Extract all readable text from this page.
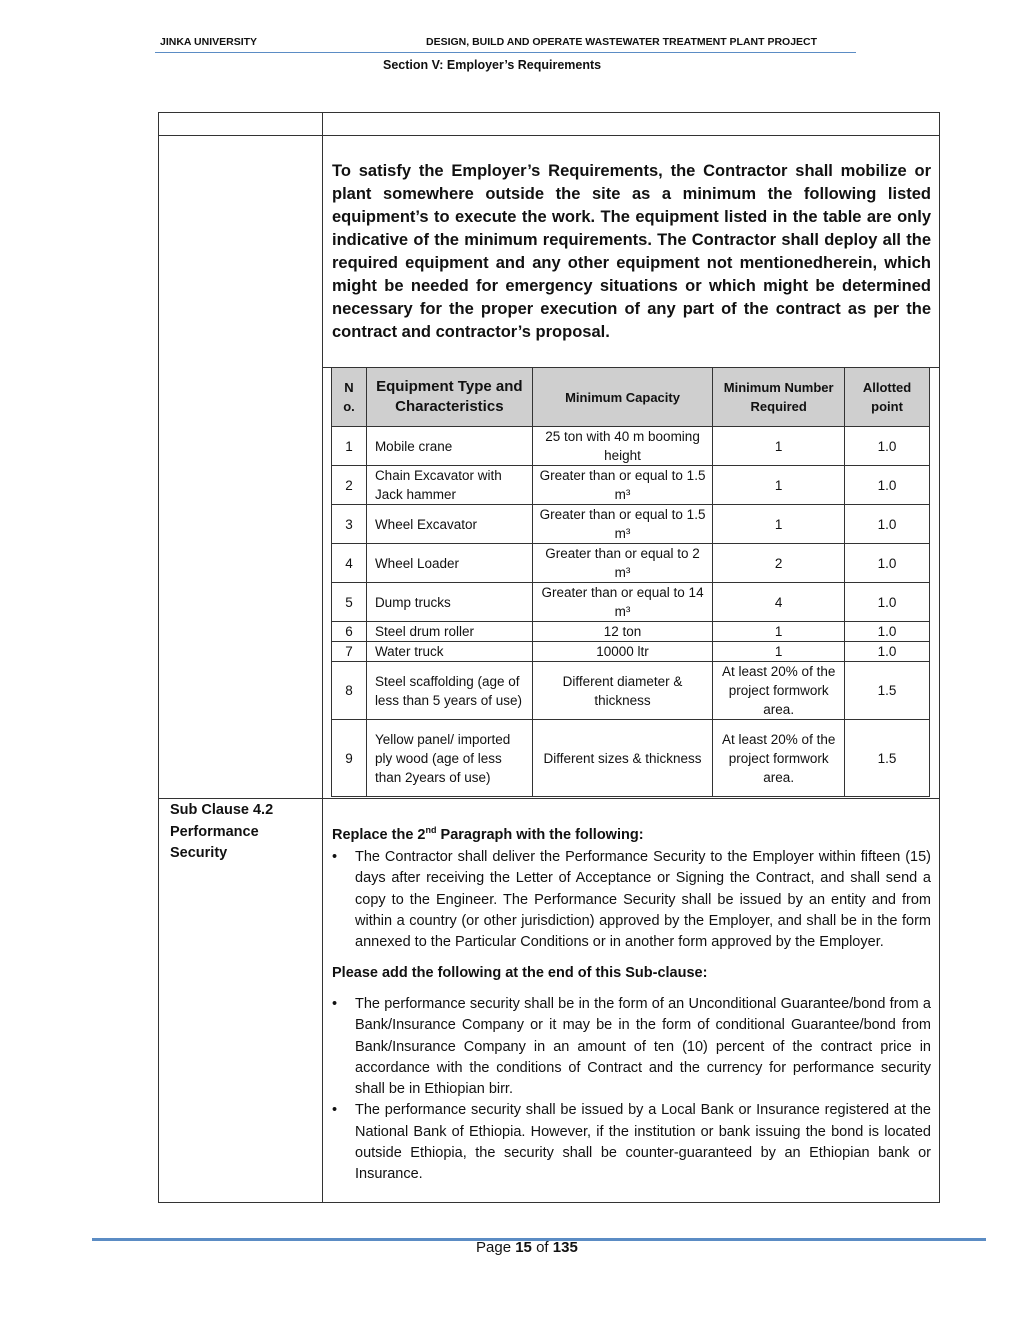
JINKA UNIVERSITY	DESIGN, BUILD AND OPERATE WASTEWATER TREATMENT PLANT PROJECT
Section V: Employer’s Requirements
To satisfy the Employer’s Requirements, the Contractor shall mobilize or plant somewhere outside the site as a minimum the following listed equipment’s to execute the work. The equipment listed in the table are only indicative of the minimum requirements. The Contractor shall deploy all the required equipment and any other equipment not mentionedherein, which might be needed for emergency situations or which might be determined necessary for the proper execution of any part of the contract as per the contract and contractor’s proposal.
N
o.	Equipment Type and Characteristics	Minimum Capacity	Minimum Number Required	Allotted point
1	Mobile crane	25 ton with 40 m booming height	1	1.0
2	Chain Excavator with Jack hammer	Greater than or equal to 1.5 m³	1	1.0
3	Wheel Excavator	Greater than or equal to 1.5 m³	1	1.0
4	Wheel Loader	Greater than or equal to 2 m³	2	1.0
5	Dump trucks	Greater than or equal to 14 m³	4	1.0
6	Steel drum roller	12 ton	1	1.0
7	Water truck	10000 ltr	1	1.0
8	Steel scaffolding (age of less than 5 years of use)	Different diameter & thickness	At least 20% of the project formwork area.	1.5
9	Yellow panel/ imported ply wood (age of less than 2years of use)	Different sizes & thickness	At least 20% of the project formwork area.	1.5
Sub Clause 4.2
Performance
Security
Replace the 2nd Paragraph with the following:
• The Contractor shall deliver the Performance Security to the Employer within fifteen (15) days after receiving the Letter of Acceptance or Signing the Contract, and shall send a copy to the Engineer. The Performance Security shall be issued by an entity and from within a country (or other jurisdiction) approved by the Employer, and shall be in the form annexed to the Particular Conditions or in another form approved by the Employer.
Please add the following at the end of this Sub-clause:
• The performance security shall be in the form of an Unconditional Guarantee/bond from a Bank/Insurance Company or it may be in the form of conditional Guarantee/bond from Bank/Insurance Company in an amount of ten (10) percent of the contract price in accordance with the conditions of Contract and the currency for performance security shall be in Ethiopian birr.
• The performance security shall be issued by a Local Bank or Insurance registered at the National Bank of Ethiopia. However, if the institution or bank issuing the bond is located outside Ethiopia, the security shall be counter-guaranteed by an Ethiopian bank or Insurance.
Page 15 of 135
